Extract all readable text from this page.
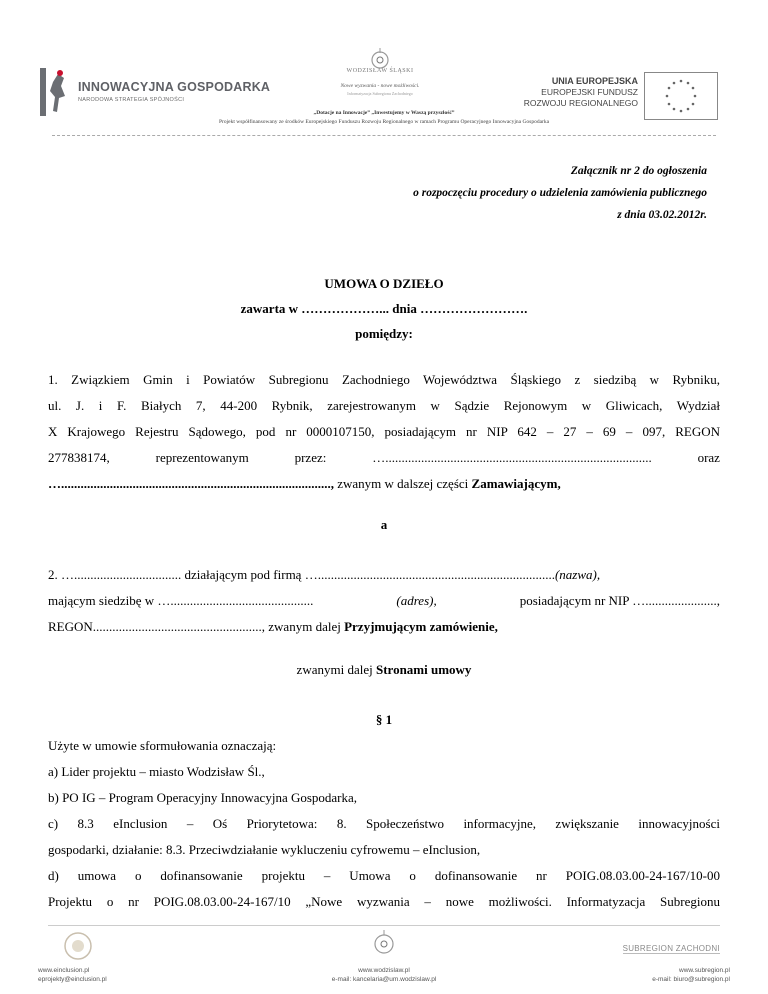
INNOWACYJNA GOSPODARKA
NARODOWA STRATEGIA SPÓJNOŚCI
WODZISŁAW ŚLĄSKI
Nowe wyzwania - nowe możliwości.
Informatyzacja Subregionu Zachodniego
UNIA EUROPEJSKA
EUROPEJSKI FUNDUSZ
ROZWOJU REGIONALNEGO
„Dotacje na Innowacje” „Inwestujemy w Waszą przyszłość”
Projekt współfinansowany ze środków Europejskiego Funduszu Rozwoju Regionalnego w ramach Programu Operacyjnego Innowacyjna Gospodarka
Załącznik nr 2 do ogłoszenia
o rozpoczęciu procedury o udzielenia zamówienia publicznego
z dnia 03.02.2012r.
UMOWA O DZIEŁO
zawarta w ………………... dnia …………………….
pomiędzy:
1. Związkiem Gmin i Powiatów Subregionu Zachodniego Województwa Śląskiego z siedzibą w Rybniku,
ul. J. i F. Białych 7, 44-200 Rybnik, zarejestrowanym w Sądzie Rejonowym w Gliwicach, Wydział
X Krajowego Rejestru Sądowego, pod nr 0000107150, posiadającym nr NIP 642 – 27 – 69 – 097, REGON
277838174,	reprezentowanym	przez:	…..................................................................................	oraz
…..................................................................................., zwanym w dalszej części Zamawiającym,
a
2. …................................. działającym pod firmą ….........................................................................(nazwa),
mającym siedzibę w …............................................	(adres),	posiadającym nr NIP …......................,
REGON...................................................., zwanym dalej Przyjmującym zamówienie,
zwanymi dalej Stronami umowy
§ 1
Użyte w umowie sformułowania oznaczają:
a) Lider projektu – miasto Wodzisław Śl.,
b) PO IG – Program Operacyjny Innowacyjna Gospodarka,
c) 8.3 eInclusion – Oś Priorytetowa: 8. Społeczeństwo informacyjne, zwiększanie innowacyjności
gospodarki, działanie: 8.3. Przeciwdziałanie wykluczeniu cyfrowemu – eInclusion,
d) umowa o dofinansowanie projektu – Umowa o dofinansowanie nr POIG.08.03.00-24-167/10-00
Projektu o nr POIG.08.03.00-24-167/10 „Nowe wyzwania – nowe możliwości. Informatyzacja Subregionu
www.einclusion.pl
eprojekty@einclusion.pl
www.wodzislaw.pl
e-mail: kancelaria@um.wodzislaw.pl
SUBREGION ZACHODNI
www.subregion.pl
e-mail: biuro@subregion.pl
